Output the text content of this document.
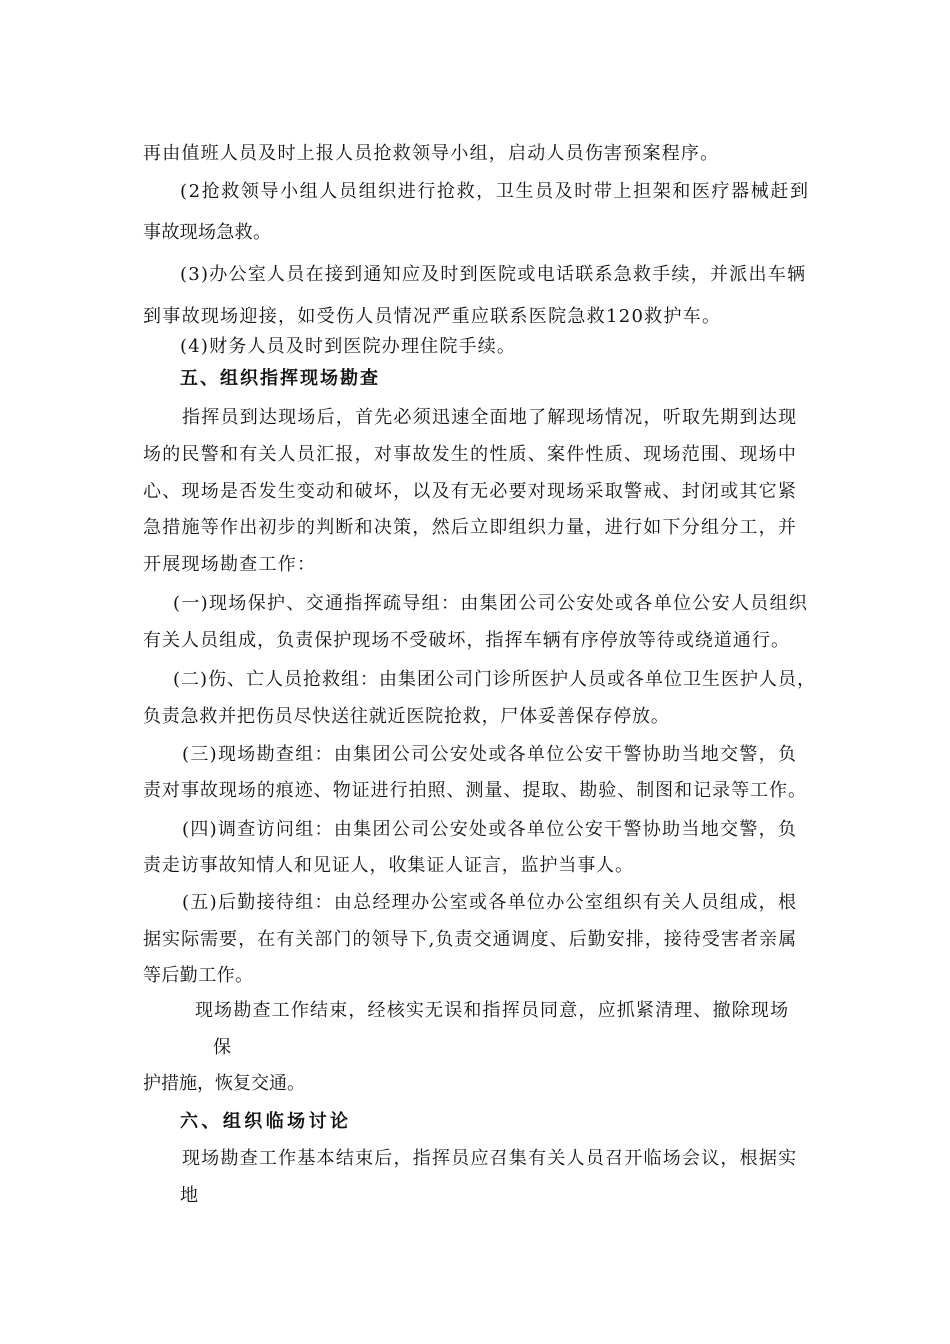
再由值班人员及时上报人员抢救领导小组，启动人员伤害预案程序。
(2抢救领导小组人员组织进行抢救，卫生员及时带上担架和医疗器械赶到
事故现场急救。
(3)办公室人员在接到通知应及时到医院或电话联系急救手续，并派出车辆
到事故现场迎接，如受伤人员情况严重应联系医院急救120救护车。
(4)财务人员及时到医院办理住院手续。
五、组织指挥现场勘查
指挥员到达现场后，首先必须迅速全面地了解现场情况，听取先期到达现
场的民警和有关人员汇报，对事故发生的性质、案件性质、现场范围、现场中
心、现场是否发生变动和破坏，以及有无必要对现场采取警戒、封闭或其它紧
急措施等作出初步的判断和决策，然后立即组织力量，进行如下分组分工，并
开展现场勘查工作：
(一)现场保护、交通指挥疏导组：由集团公司公安处或各单位公安人员组织
有关人员组成，负责保护现场不受破坏，指挥车辆有序停放等待或绕道通行。
(二)伤、亡人员抢救组：由集团公司门诊所医护人员或各单位卫生医护人员，
负责急救并把伤员尽快送往就近医院抢救，尸体妥善保存停放。
(三)现场勘查组：由集团公司公安处或各单位公安干警协助当地交警，负
责对事故现场的痕迹、物证进行拍照、测量、提取、勘验、制图和记录等工作。
(四)调查访问组：由集团公司公安处或各单位公安干警协助当地交警，负
责走访事故知情人和见证人，收集证人证言，监护当事人。
(五)后勤接待组：由总经理办公室或各单位办公室组织有关人员组成，根
据实际需要，在有关部门的领导下,负责交通调度、后勤安排，接待受害者亲属
等后勤工作。
现场勘查工作结束，经核实无误和指挥员同意，应抓紧清理、撤除现场
保
护措施，恢复交通。
六、组织临场讨论
现场勘查工作基本结束后，指挥员应召集有关人员召开临场会议，根据实
地
